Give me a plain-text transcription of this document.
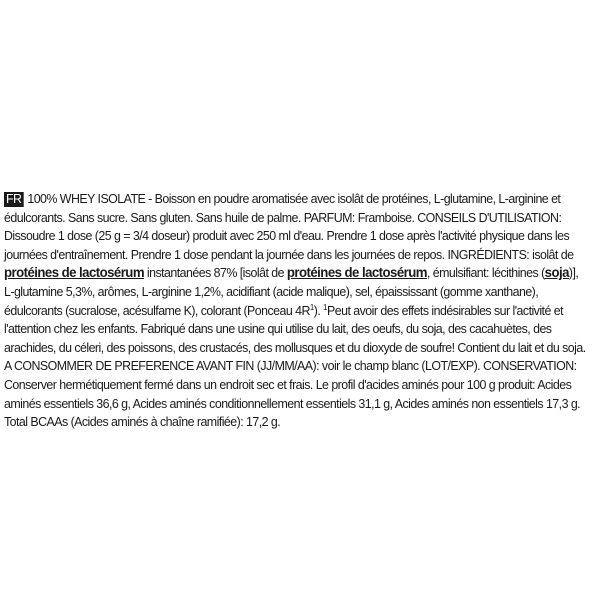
FR 100% WHEY ISOLATE - Boisson en poudre aromatisée avec isolât de protéines, L-glutamine, L-arginine et édulcorants. Sans sucre. Sans gluten. Sans huile de palme. PARFUM: Framboise. CONSEILS D'UTILISATION: Dissoudre 1 dose (25 g = 3/4 doseur) produit avec 250 ml d'eau. Prendre 1 dose après l'activité physique dans les journées d'entraînement. Prendre 1 dose pendant la journée dans les journées de repos. INGRÉDIENTS: isolât de protéines de lactosérum instantanées 87% [isolât de protéines de lactosérum, émulsifiant: lécithines (soja)], L-glutamine 5,3%, arômes, L-arginine 1,2%, acidifiant (acide malique), sel, épaississant (gomme xanthane), édulcorants (sucralose, acésulfame K), colorant (Ponceau 4R$^1$). $^1$Peut avoir des effets indésirables sur l'activité et l'attention chez les enfants. Fabriqué dans une usine qui utilise du lait, des oeufs, du soja, des cacahuètes, des arachides, du céleri, des poissons, des crustacés, des mollusques et du dioxyde de soufre! Contient du lait et du soja. A CONSOMMER DE PREFERENCE AVANT FIN (JJ/MM/AA): voir le champ blanc (LOT/EXP). CONSERVATION: Conserver hermétiquement fermé dans un endroit sec et frais. Le profil d'acides aminés pour 100 g produit: Acides aminés essentiels 36,6 g, Acides aminés conditionnellement essentiels 31,1 g, Acides aminés non essentiels 17,3 g. Total BCAAs (Acides aminés à chaîne ramifiée): 17,2 g.
